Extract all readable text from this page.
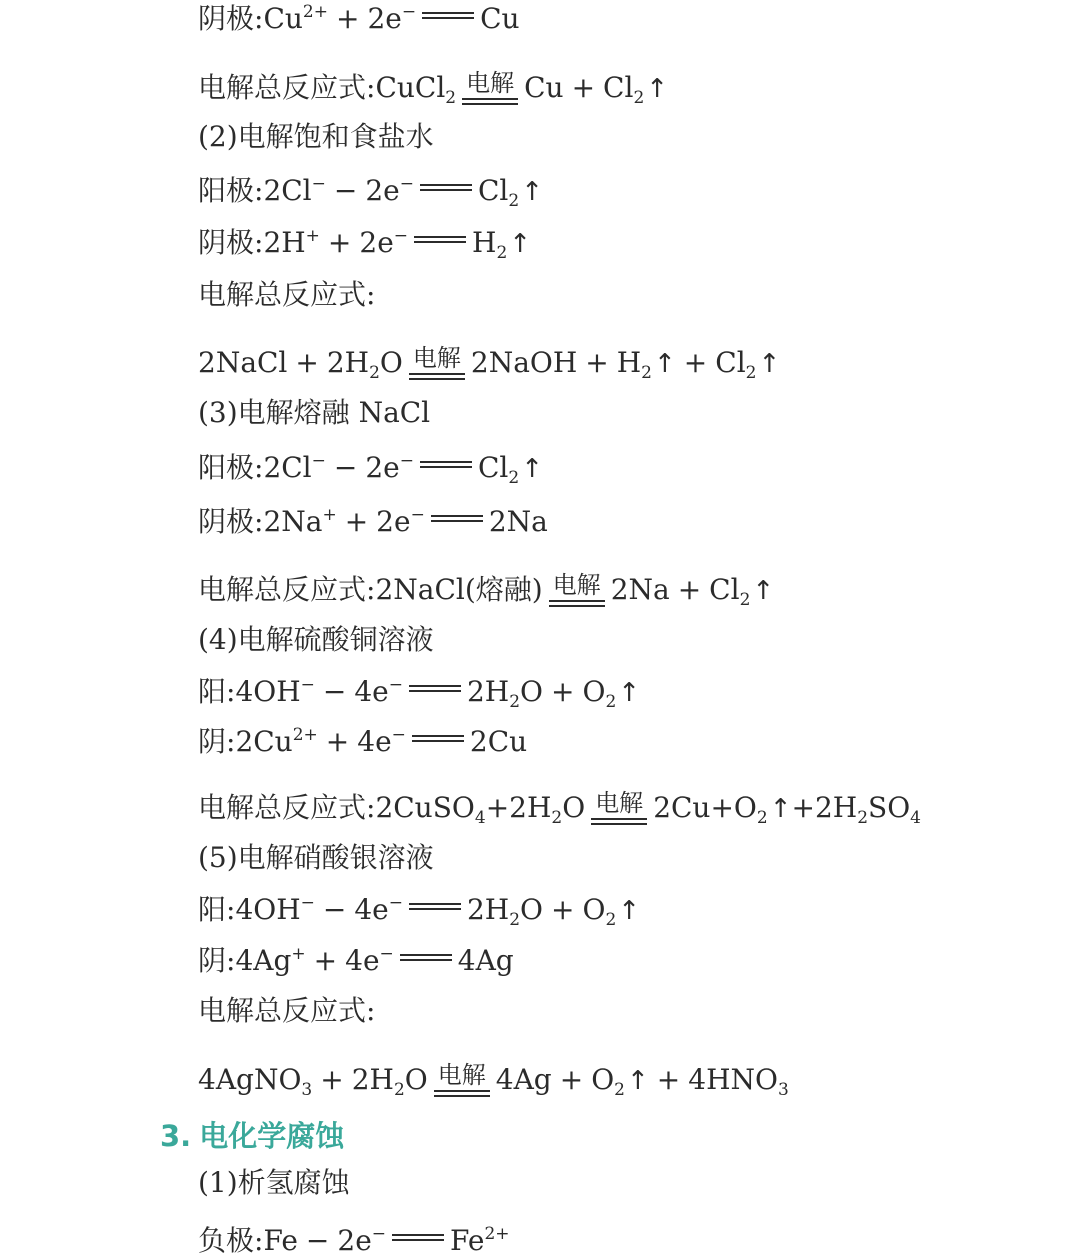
阴极$:Cu^{2+} + 2e^-$ Cu
电解总反应式:CuCl$_2$
电解 $Cu + Cl_2↑$
(2)电解饱和食盐水
阳极:2Cl− − 2e− $Cl_2↑$
阴极:2H+ + 2e− $H_2↑$
电解总反应式:
2NaCl + $2H_2O$ 电解 2NaOH + $H_2↑$ + $Cl_2↑$
(3)电解熔融 NaCl
阳极:2Cl− − 2e− $Cl_2↑$
阴极:2Na+ + 2e− 2Na
电解总反应式:2NaCl(熔融) 电解 $2Na + Cl_2↑$
(4)电解硫酸铜溶液
阳:4OH− − 4e− $2H_2O$ + $O_2↑$
阴$:2Cu^{2+} + 4e^-$ 2Cu
电解总反应式$:2CuSO_4+2H_2O$ 电解 $2Cu+O_2↑+2H_2SO_4$
(5)电解硝酸银溶液
阳:4OH− − 4e− $2H_2O$ + $O_2↑$
阴:4Ag+ + 4e− 4Ag
电解总反应式:
4AgNO$_3$ + $2H_2O$ 电解 $4Ag + O_2↑ + 4HNO_3$
3. 电化学腐蚀
(1)析氢腐蚀
负极:Fe − 2e− $Fe^{2+}$
